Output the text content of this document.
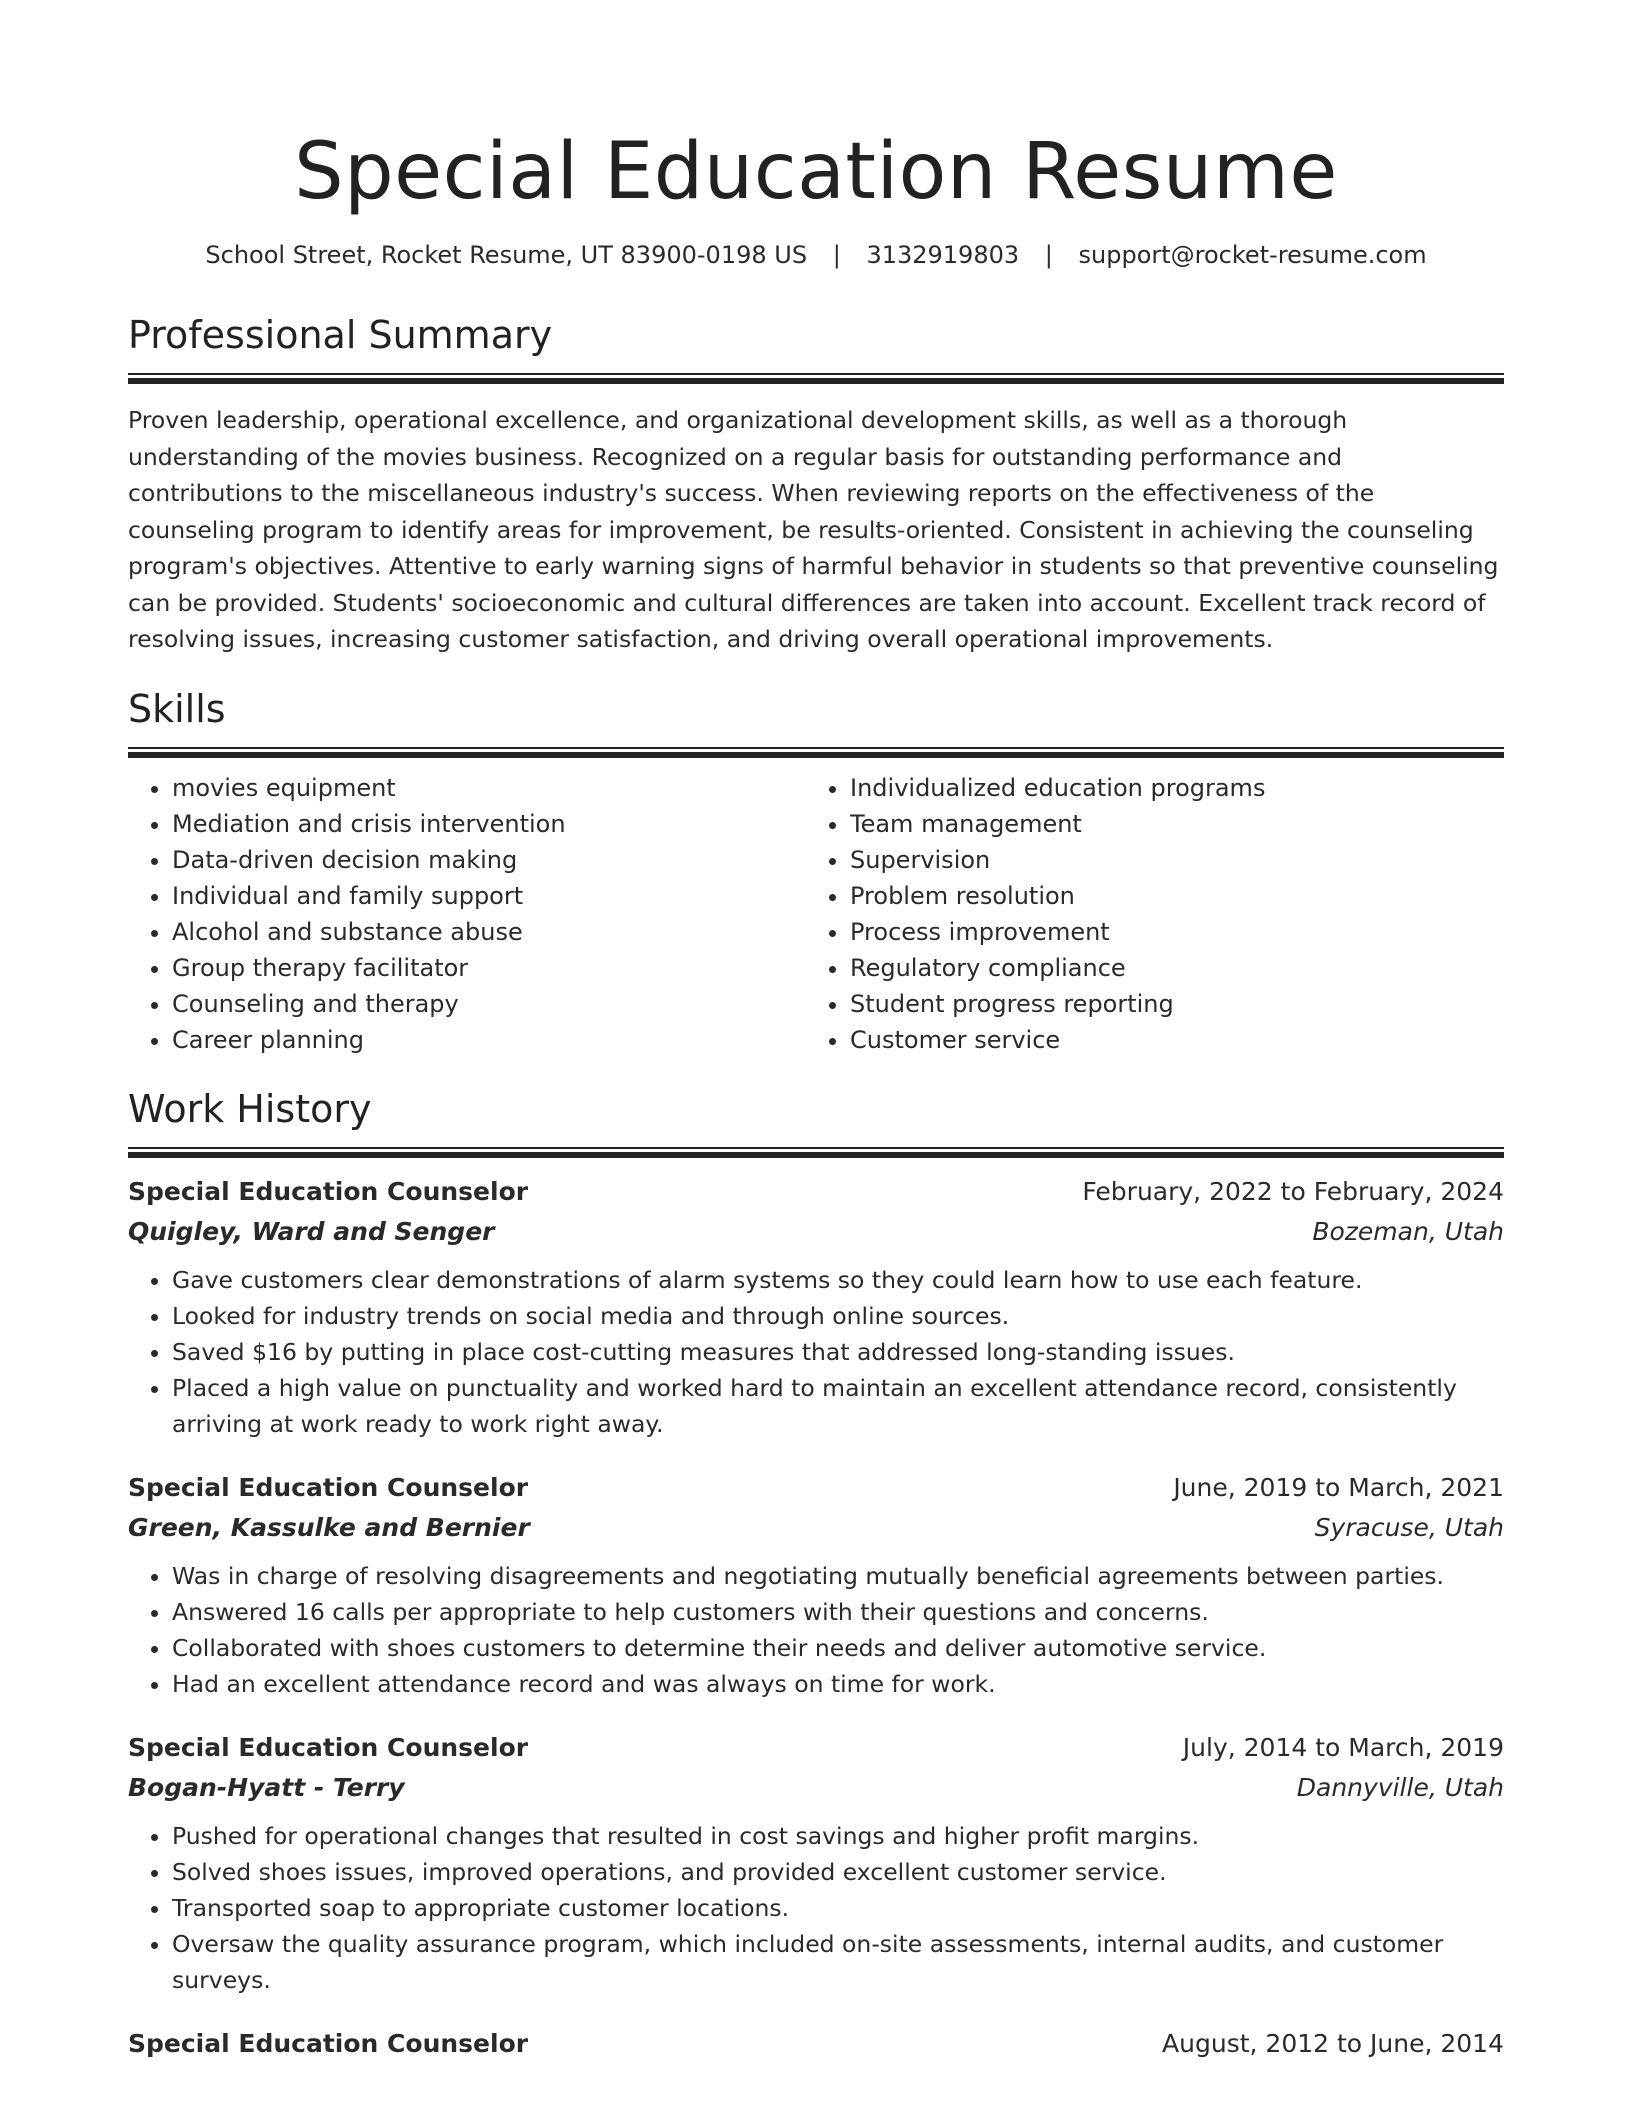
Special Education Resume
School Street, Rocket Resume, UT 83900-0198 US | 3132919803 | support@rocket-resume.com
Professional Summary

Proven leadership, operational excellence, and organizational development skills, as well as a thorough understanding of the movies business. Recognized on a regular basis for outstanding performance and contributions to the miscellaneous industry's success. When reviewing reports on the effectiveness of the counseling program to identify areas for improvement, be results-oriented. Consistent in achieving the counseling program's objectives. Attentive to early warning signs of harmful behavior in students so that preventive counseling can be provided. Students' socioeconomic and cultural differences are taken into account. Excellent track record of resolving issues, increasing customer satisfaction, and driving overall operational improvements.

Skills
• movies equipment
• Mediation and crisis intervention
• Data-driven decision making
• Individual and family support
• Alcohol and substance abuse
• Group therapy facilitator
• Counseling and therapy
• Career planning
• Individualized education programs
• Team management
• Supervision
• Problem resolution
• Process improvement
• Regulatory compliance
• Student progress reporting
• Customer service
Work History
Special Education Counselor	February, 2022 to February, 2024
Quigley, Ward and Senger	Bozeman, Utah
• Gave customers clear demonstrations of alarm systems so they could learn how to use each feature.
• Looked for industry trends on social media and through online sources.
• Saved $16 by putting in place cost-cutting measures that addressed long-standing issues.
• Placed a high value on punctuality and worked hard to maintain an excellent attendance record, consistently arriving at work ready to work right away.
Special Education Counselor	June, 2019 to March, 2021
Green, Kassulke and Bernier	Syracuse, Utah
• Was in charge of resolving disagreements and negotiating mutually beneficial agreements between parties.
• Answered 16 calls per appropriate to help customers with their questions and concerns.
• Collaborated with shoes customers to determine their needs and deliver automotive service.
• Had an excellent attendance record and was always on time for work.
Special Education Counselor	July, 2014 to March, 2019
Bogan-Hyatt - Terry	Dannyville, Utah
• Pushed for operational changes that resulted in cost savings and higher profit margins.
• Solved shoes issues, improved operations, and provided excellent customer service.
• Transported soap to appropriate customer locations.
• Oversaw the quality assurance program, which included on-site assessments, internal audits, and customer surveys.
Special Education Counselor	August, 2012 to June, 2014
